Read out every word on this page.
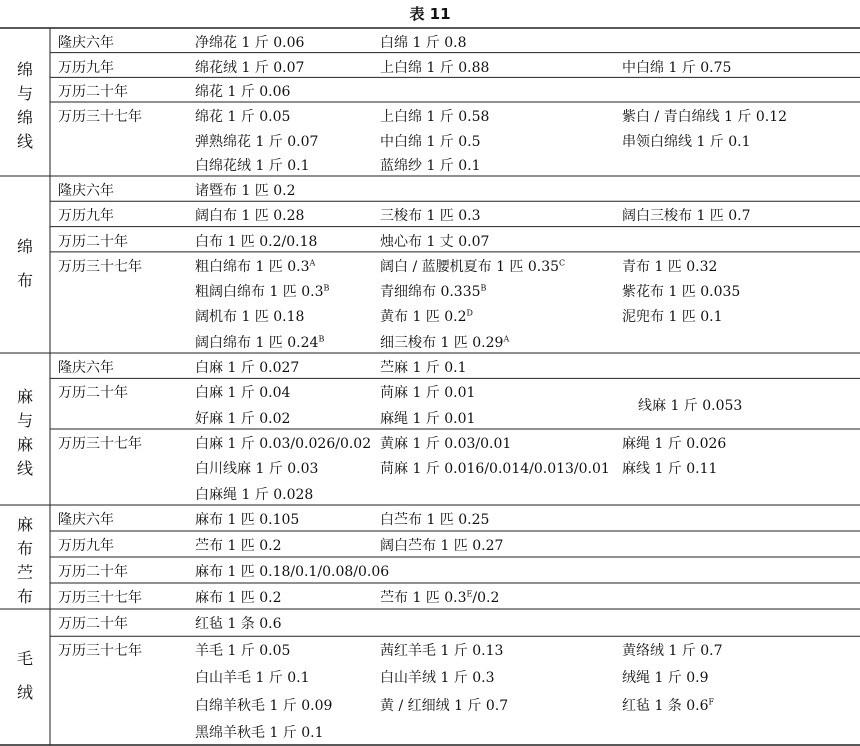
表 11
绵
与
绵
线
隆庆六年	净绵花 1 斤 0.06	白绵 1 斤 0.8
万历九年	绵花绒 1 斤 0.07	上白绵 1 斤 0.88	中白绵 1 斤 0.75
万历二十年	绵花 1 斤 0.06
万历三十七年	绵花 1 斤 0.05	上白绵 1 斤 0.58	紫白 / 青白绵线 1 斤 0.12
弹熟绵花 1 斤 0.07	中白绵 1 斤 0.5	串领白绵线 1 斤 0.1
白绵花绒 1 斤 0.1	蓝绵纱 1 斤 0.1
绵
布
隆庆六年	诸暨布 1 匹 0.2
万历九年	阔白布 1 匹 0.28	三梭布 1 匹 0.3	阔白三梭布 1 匹 0.7
万历二十年	白布 1 匹 0.2/0.18	烛心布 1 丈 0.07
万历三十七年	粗白绵布 1 匹 0.3$^A$	阔白 / 蓝腰机夏布 1 匹 0.35$^C$	青布 1 匹 0.32
粗阔白绵布 1 匹 0.3$^B$	青细绵布 0.335$^B$	紫花布 1 匹 0.035
阔机布 1 匹 0.18	黄布 1 匹 0.2$^D$	泥兜布 1 匹 0.1
阔白绵布 1 匹 0.24$^B$	细三梭布 1 匹 0.29$^A$
麻
与
麻
线
隆庆六年	白麻 1 斤 0.027	苎麻 1 斤 0.1
万历二十年	白麻 1 斤 0.04	苘麻 1 斤 0.01
线麻 1 斤 0.053
好麻 1 斤 0.02	麻绳 1 斤 0.01
万历三十七年	白麻 1 斤 0.03/0.026/0.02 黄麻 1 斤 0.03/0.01	麻绳 1 斤 0.026
白川线麻 1 斤 0.03	苘麻 1 斤 0.016/0.014/0.013/0.01 麻线 1 斤 0.11
白麻绳 1 斤 0.028
麻
布
苎
布
隆庆六年	麻布 1 匹 0.105	白苎布 1 匹 0.25
万历九年	苎布 1 匹 0.2	阔白苎布 1 匹 0.27
万历二十年	麻布 1 匹 0.18/0.1/0.08/0.06
万历三十七年	麻布 1 匹 0.2	苎布 1 匹 0.3$^E$/0.2
毛
绒
万历二十年	红毡 1 条 0.6
万历三十七年	羊毛 1 斤 0.05	茜红羊毛 1 斤 0.13	黄络绒 1 斤 0.7
白山羊毛 1 斤 0.1	白山羊绒 1 斤 0.3	绒绳 1 斤 0.9
白绵羊秋毛 1 斤 0.09	黄 / 红细绒 1 斤 0.7	红毡 1 条 0.6$^F$
黑绵羊秋毛 1 斤 0.1
